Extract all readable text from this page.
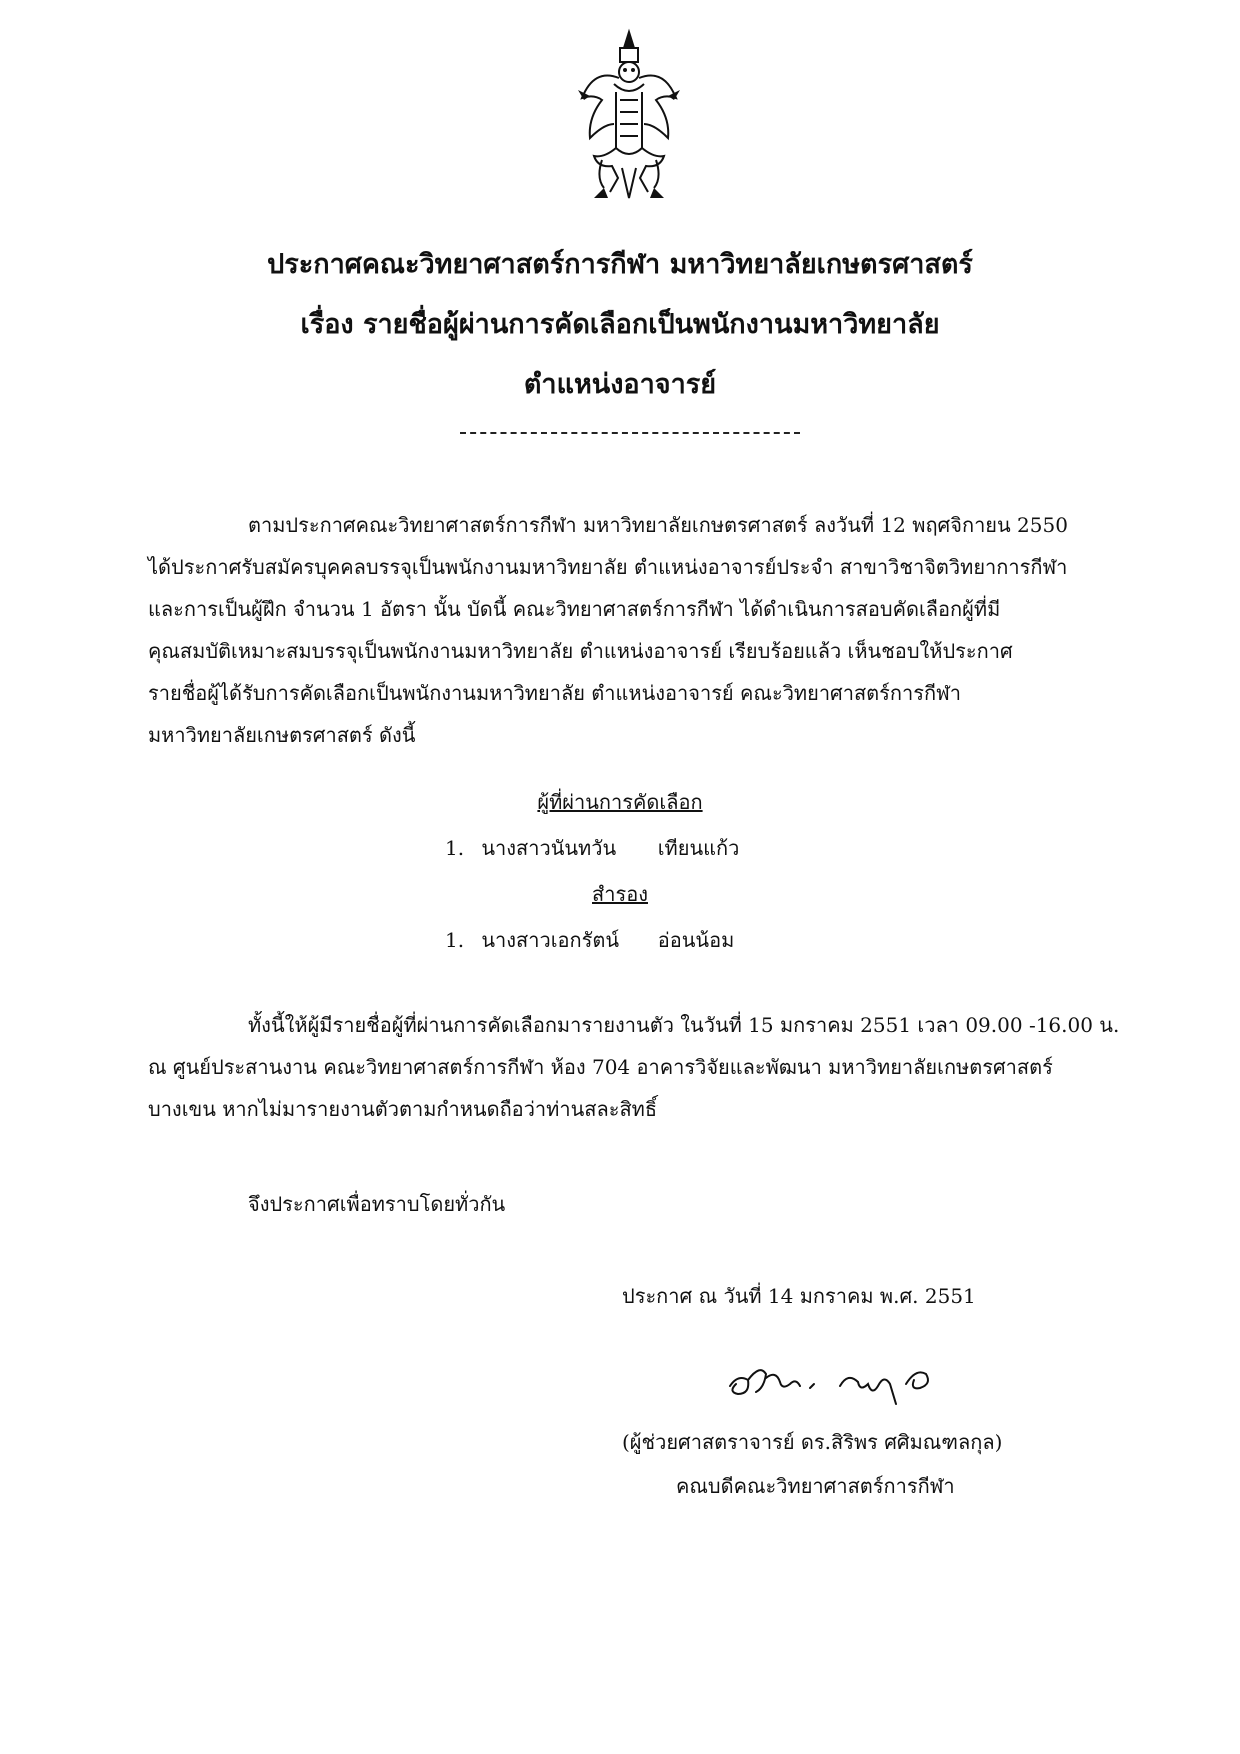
ประกาศคณะวิทยาศาสตร์การกีฬา มหาวิทยาลัยเกษตรศาสตร์
เรื่อง รายชื่อผู้ผ่านการคัดเลือกเป็นพนักงานมหาวิทยาลัย
ตำแหน่งอาจารย์
ตามประกาศคณะวิทยาศาสตร์การกีฬา มหาวิทยาลัยเกษตรศาสตร์ ลงวันที่ 12 พฤศจิกายน 2550
ได้ประกาศรับสมัครบุคคลบรรจุเป็นพนักงานมหาวิทยาลัย ตำแหน่งอาจารย์ประจำ สาขาวิชาจิตวิทยาการกีฬา
และการเป็นผู้ฝึก จำนวน 1 อัตรา นั้น บัดนี้ คณะวิทยาศาสตร์การกีฬา ได้ดำเนินการสอบคัดเลือกผู้ที่มี
คุณสมบัติเหมาะสมบรรจุเป็นพนักงานมหาวิทยาลัย ตำแหน่งอาจารย์ เรียบร้อยแล้ว เห็นชอบให้ประกาศ
รายชื่อผู้ได้รับการคัดเลือกเป็นพนักงานมหาวิทยาลัย ตำแหน่งอาจารย์ คณะวิทยาศาสตร์การกีฬา
มหาวิทยาลัยเกษตรศาสตร์ ดังนี้
ผู้ที่ผ่านการคัดเลือก
1. นางสาวนันทวัน เทียนแก้ว
สำรอง
1. นางสาวเอกรัตน์ อ่อนน้อม
ทั้งนี้ให้ผู้มีรายชื่อผู้ที่ผ่านการคัดเลือกมารายงานตัว ในวันที่ 15 มกราคม 2551 เวลา 09.00 -16.00 น.
ณ ศูนย์ประสานงาน คณะวิทยาศาสตร์การกีฬา ห้อง 704 อาคารวิจัยและพัฒนา มหาวิทยาลัยเกษตรศาสตร์
บางเขน หากไม่มารายงานตัวตามกำหนดถือว่าท่านสละสิทธิ์
จึงประกาศเพื่อทราบโดยทั่วกัน
ประกาศ ณ วันที่ 14 มกราคม พ.ศ. 2551
(ผู้ช่วยศาสตราจารย์ ดร.สิริพร ศศิมณฑลกุล)
คณบดีคณะวิทยาศาสตร์การกีฬา
